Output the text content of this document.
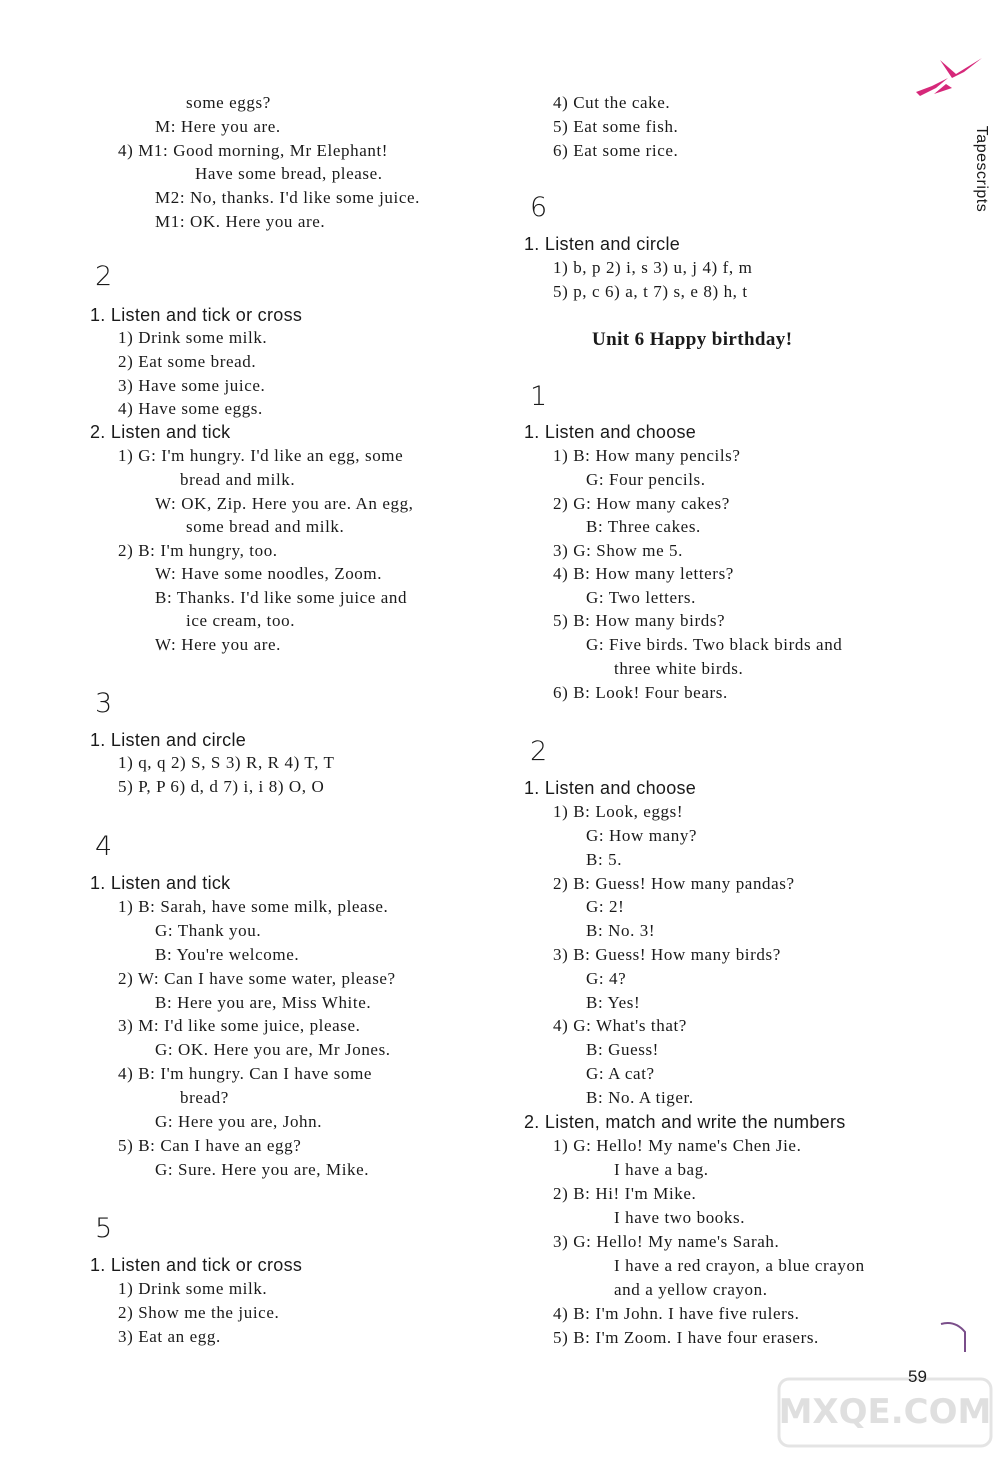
Tapescripts
some eggs?
M: Here you are.
4) M1: Good morning, Mr Elephant!
Have some bread, please.
M2: No, thanks. I'd like some juice.
M1: OK. Here you are.
2
1. Listen and tick or cross
1) Drink some milk.
2) Eat some bread.
3) Have some juice.
4) Have some eggs.
2. Listen and tick
1) G: I'm hungry. I'd like an egg, some
bread and milk.
W: OK, Zip. Here you are. An egg,
some bread and milk.
2) B: I'm hungry, too.
W: Have some noodles, Zoom.
B: Thanks. I'd like some juice and
ice cream, too.
W: Here you are.
3
1. Listen and circle
1) q, q 2) S, S 3) R, R 4) T, T
5) P, P 6) d, d 7) i, i 8) O, O
4
1. Listen and tick
1) B: Sarah, have some milk, please.
G: Thank you.
B: You're welcome.
2) W: Can I have some water, please?
B: Here you are, Miss White.
3) M: I'd like some juice, please.
G: OK. Here you are, Mr Jones.
4) B: I'm hungry. Can I have some
bread?
G: Here you are, John.
5) B: Can I have an egg?
G: Sure. Here you are, Mike.
5
1. Listen and tick or cross
1) Drink some milk.
2) Show me the juice.
3) Eat an egg.
Unit 6 Happy birthday!
4) Cut the cake.
5) Eat some fish.
6) Eat some rice.
6
1. Listen and circle
1) b, p 2) i, s 3) u, j 4) f, m
5) p, c 6) a, t 7) s, e 8) h, t
1
1. Listen and choose
1) B: How many pencils?
G: Four pencils.
2) G: How many cakes?
B: Three cakes.
3) G: Show me 5.
4) B: How many letters?
G: Two letters.
5) B: How many birds?
G: Five birds. Two black birds and
three white birds.
6) B: Look! Four bears.
2
1. Listen and choose
1) B: Look, eggs!
G: How many?
B: 5.
2) B: Guess! How many pandas?
G: 2!
B: No. 3!
3) B: Guess! How many birds?
G: 4?
B: Yes!
4) G: What's that?
B: Guess!
G: A cat?
B: No. A tiger.
2. Listen, match and write the numbers
1) G: Hello! My name's Chen Jie.
I have a bag.
2) B: Hi! I'm Mike.
I have two books.
3) G: Hello! My name's Sarah.
I have a red crayon, a blue crayon
and a yellow crayon.
4) B: I'm John. I have five rulers.
5) B: I'm Zoom. I have four erasers.
MXQE.COM
59
